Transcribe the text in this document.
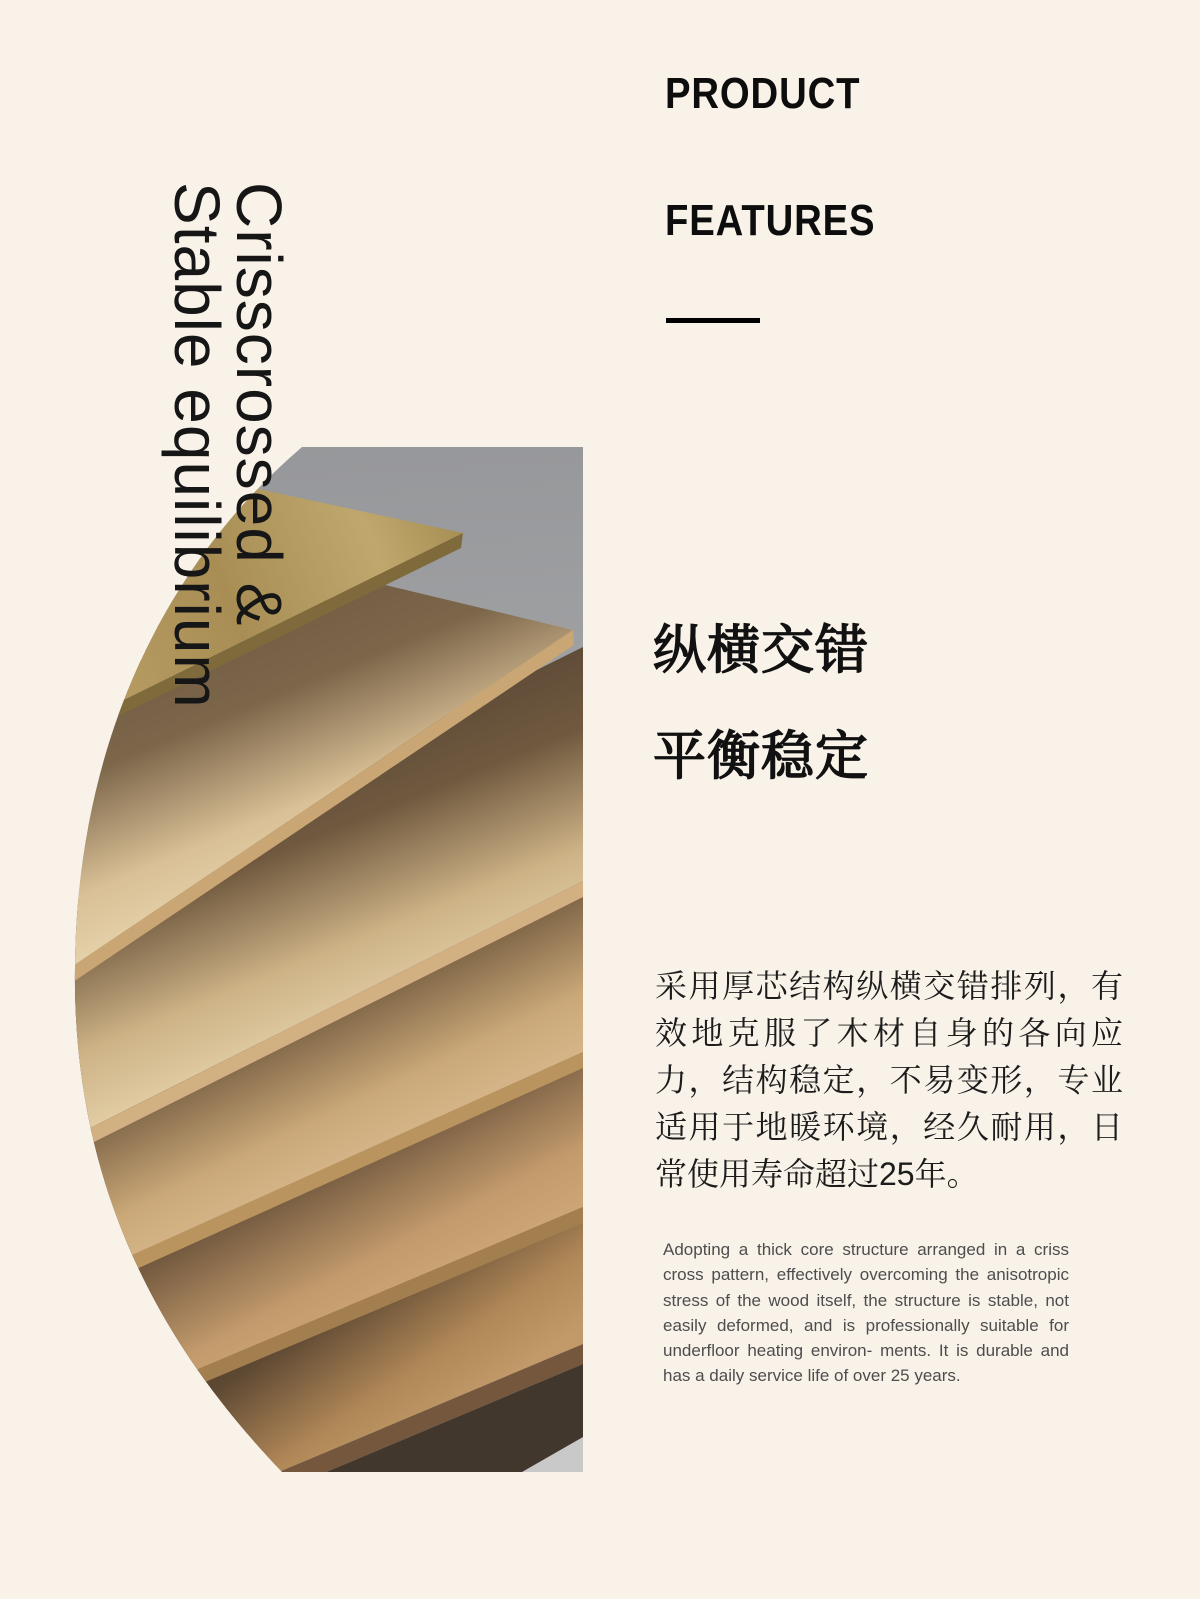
PRODUCT
FEATURES
Crisscrossed &
Stable equilibrium	纵横交错
平衡稳定

采用厚芯结构纵横交错排列，有效地克服了木材自身的各向应力，结构稳定，不易变形，专业适用于地暖环境，经久耐用，日常使用寿命超过25年。

Adopting a thick core structure arranged in a criss cross pattern, effectively overcoming the anisotropic stress of the wood itself, the structure is stable, not easily deformed, and is professionally suitable for underfloor heating environ- ments. It is durable and has a daily service life of over 25 years.
